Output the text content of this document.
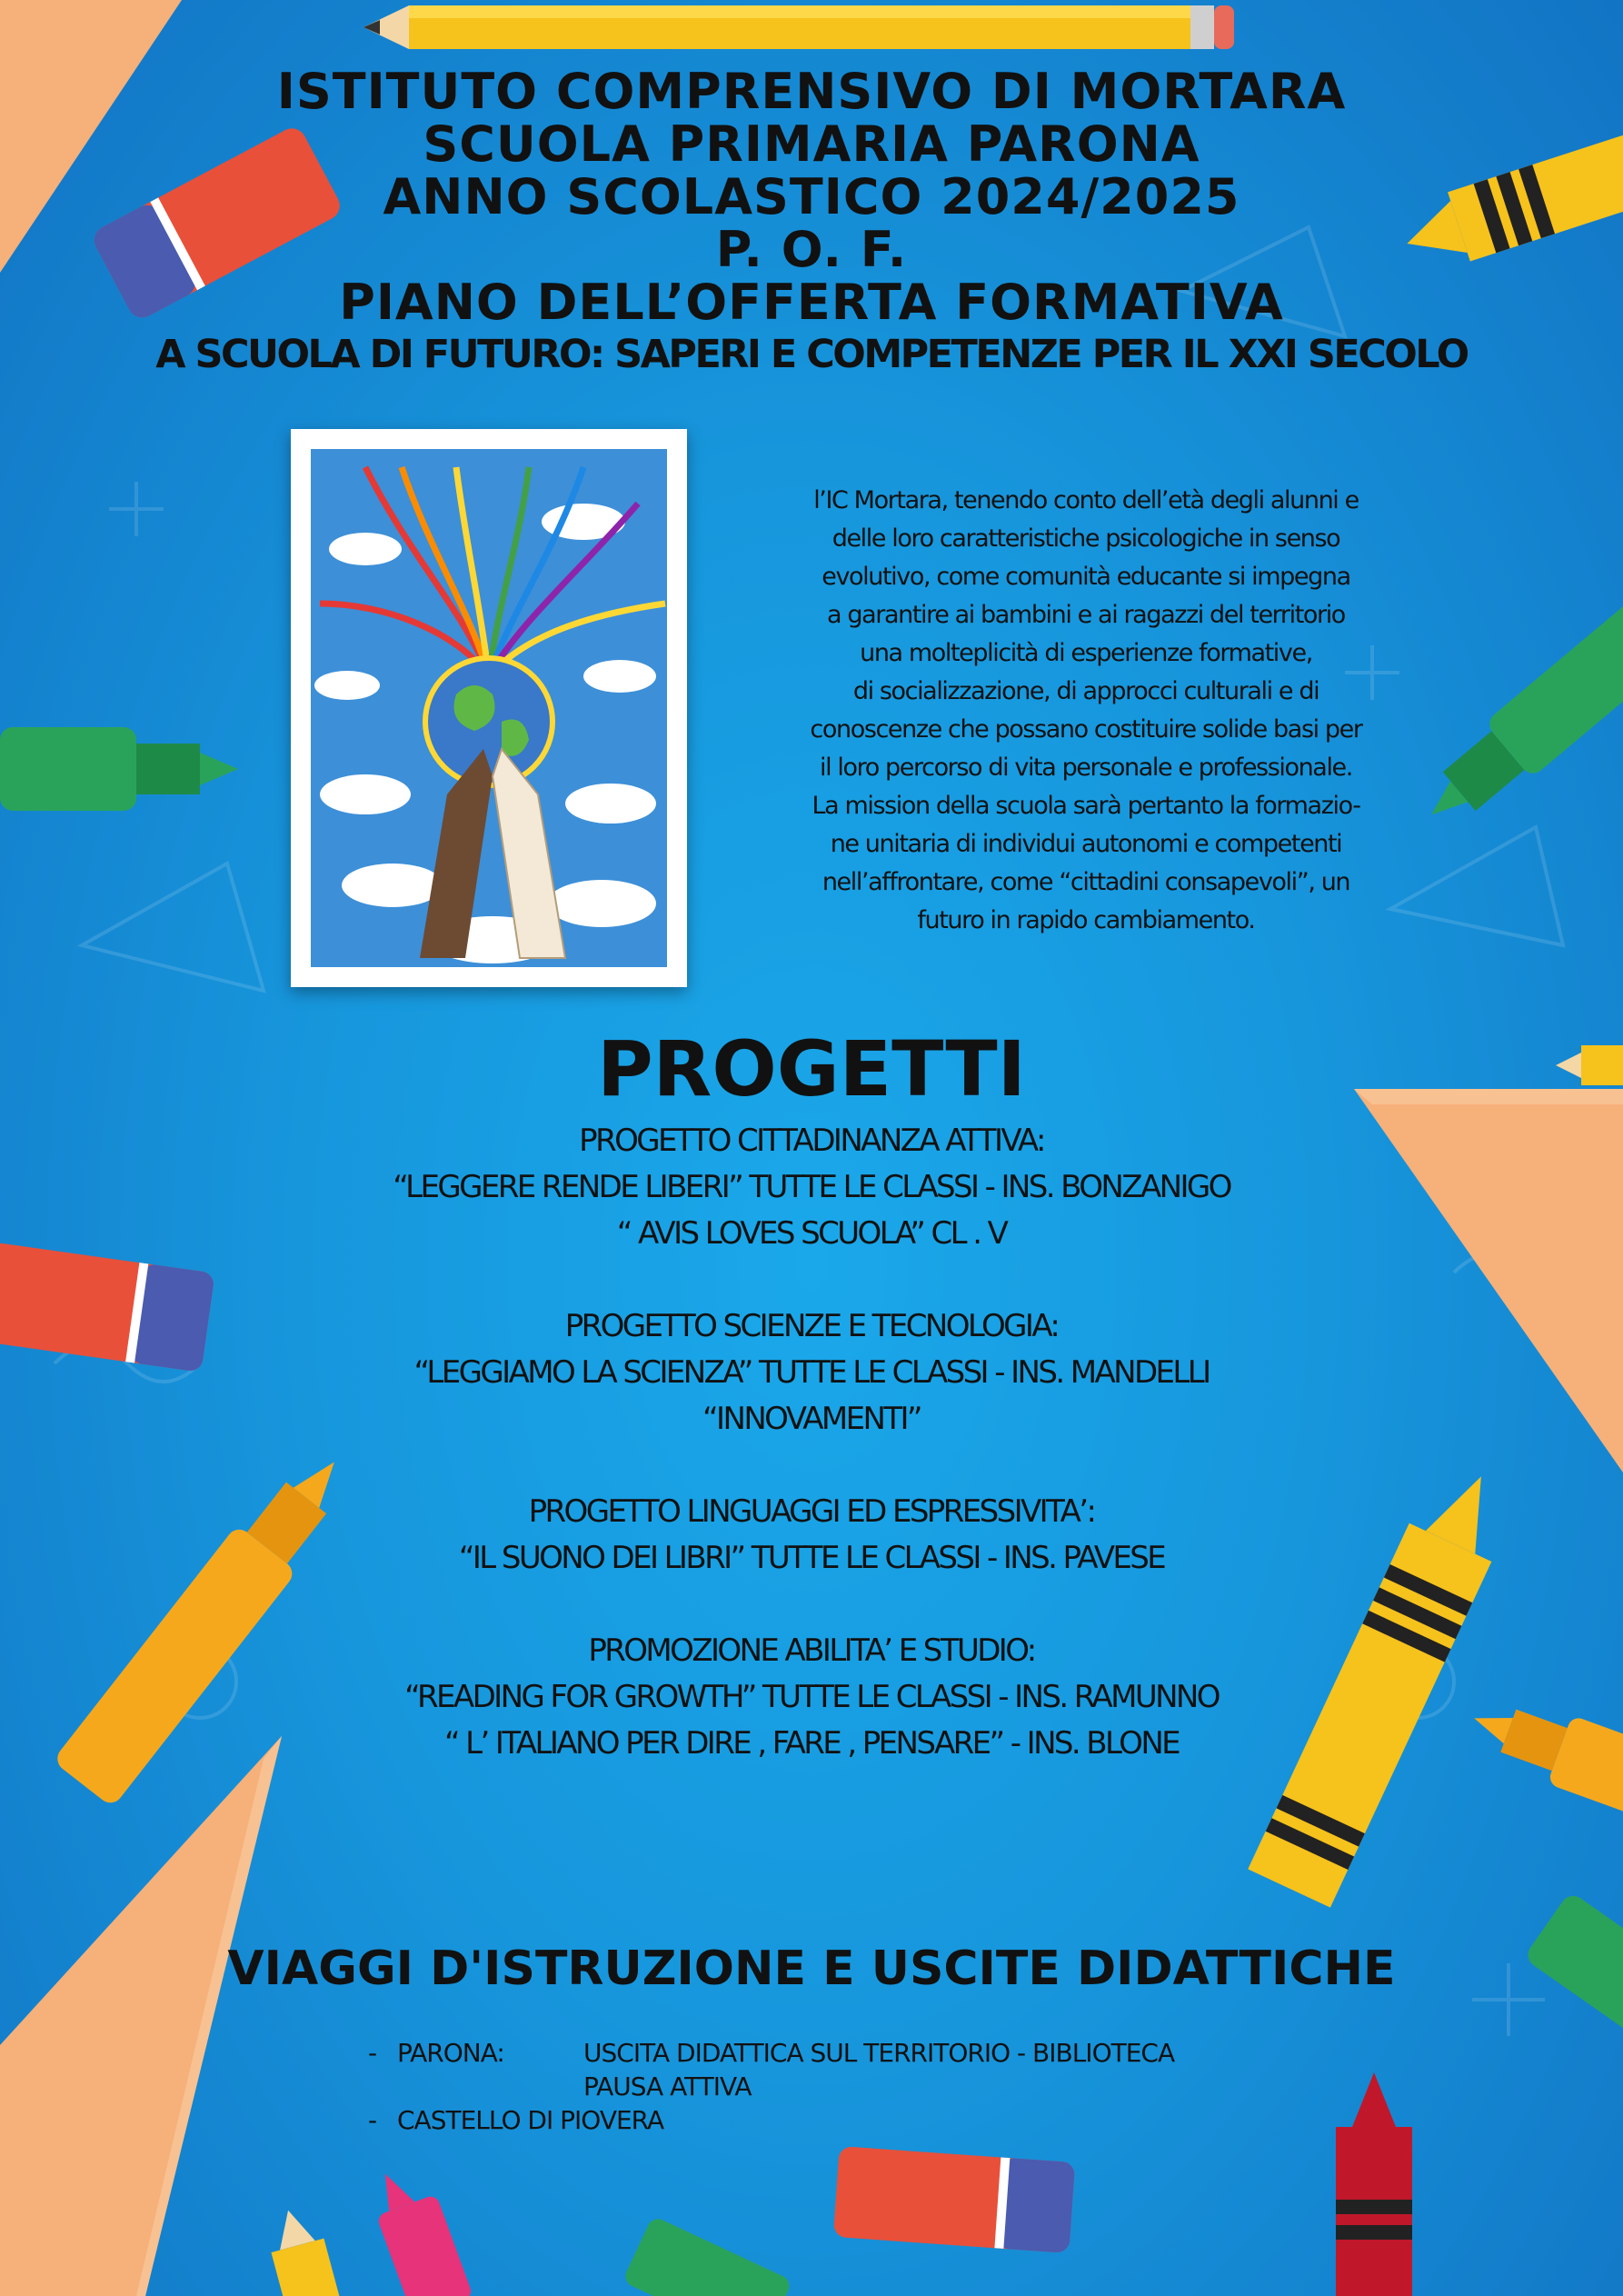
ISTITUTO COMPRENSIVO DI MORTARA
SCUOLA PRIMARIA PARONA
ANNO SCOLASTICO 2024/2025
P. O. F.
PIANO DELL’OFFERTA FORMATIVA
A SCUOLA DI FUTURO: SAPERI E COMPETENZE PER IL XXI SECOLO
l’IC Mortara, tenendo conto dell’età degli alunni e
delle loro caratteristiche psicologiche in senso
evolutivo, come comunità educante si impegna
a garantire ai bambini e ai ragazzi del territorio
una molteplicità di esperienze formative,
di socializzazione, di approcci culturali e di
conoscenze che possano costituire solide basi per
il loro percorso di vita personale e professionale.
La mission della scuola sarà pertanto la formazio-
ne unitaria di individui autonomi e competenti
nell’affrontare, come “cittadini consapevoli”, un
futuro in rapido cambiamento.
PROGETTI
PROGETTO CITTADINANZA ATTIVA:
“LEGGERE RENDE LIBERI” TUTTE LE CLASSI - INS. BONZANIGO
“ AVIS LOVES SCUOLA” CL . V
PROGETTO SCIENZE E TECNOLOGIA:
“LEGGIAMO LA SCIENZA” TUTTE LE CLASSI - INS. MANDELLI
“INNOVAMENTI”
PROGETTO LINGUAGGI ED ESPRESSIVITA’:
“IL SUONO DEI LIBRI” TUTTE LE CLASSI - INS. PAVESE
PROMOZIONE ABILITA’ E STUDIO:
“READING FOR GROWTH” TUTTE LE CLASSI - INS. RAMUNNO
“ L’ ITALIANO PER DIRE , FARE , PENSARE” - INS. BLONE
VIAGGI D'ISTRUZIONE E USCITE DIDATTICHE
- PARONA:	USCITA DIDATTICA SUL TERRITORIO - BIBLIOTECA
PAUSA ATTIVA
- CASTELLO DI PIOVERA
